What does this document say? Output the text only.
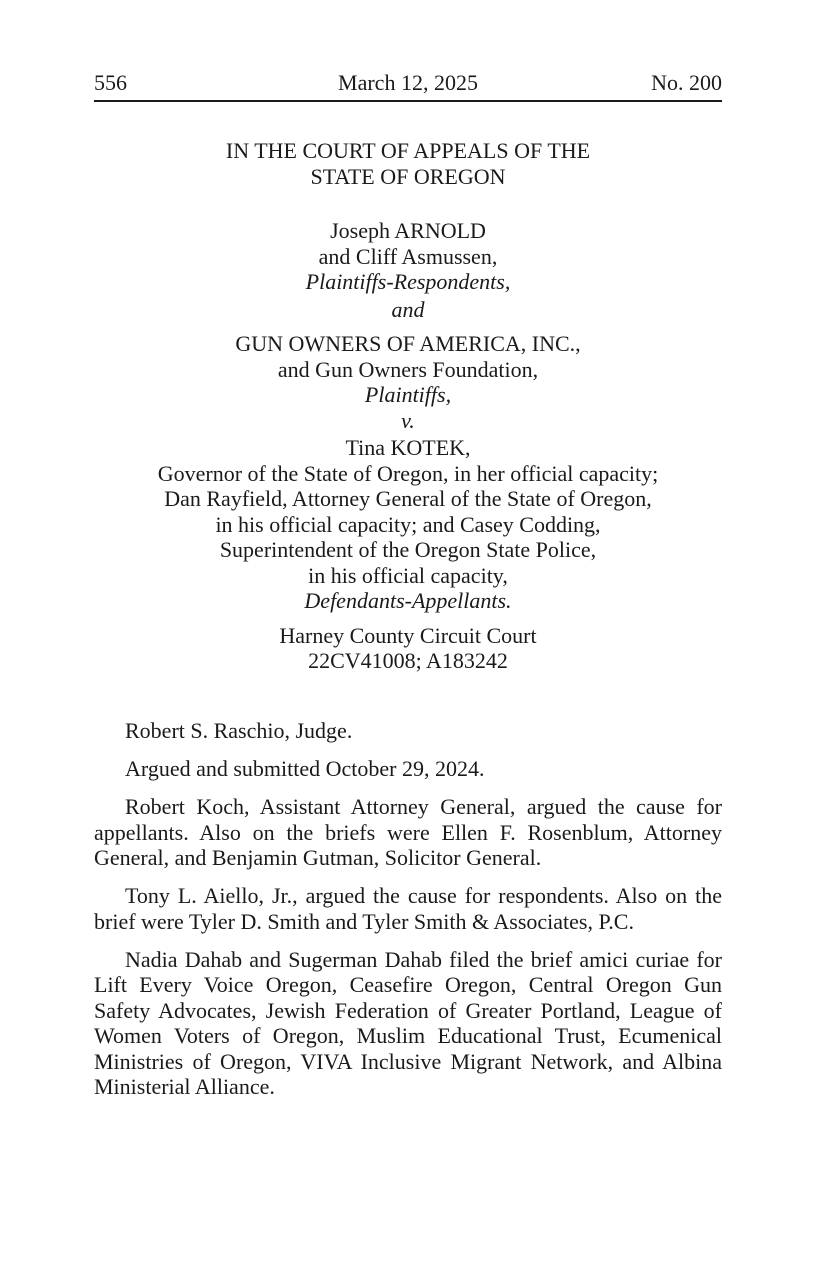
556	March 12, 2025	No. 200
IN THE COURT OF APPEALS OF THE
STATE OF OREGON
Joseph ARNOLD
and Cliff Asmussen,
Plaintiffs-Respondents,
and
GUN OWNERS OF AMERICA, INC.,
and Gun Owners Foundation,
Plaintiffs,
v.
Tina KOTEK,
Governor of the State of Oregon, in her official capacity;
Dan Rayfield, Attorney General of the State of Oregon,
in his official capacity; and Casey Codding,
Superintendent of the Oregon State Police,
in his official capacity,
Defendants-Appellants.
Harney County Circuit Court
22CV41008; A183242

Robert S. Raschio, Judge.

Argued and submitted October 29, 2024.

Robert Koch, Assistant Attorney General, argued the cause for appellants. Also on the briefs were Ellen F. Rosenblum, Attorney General, and Benjamin Gutman, Solicitor General.

Tony L. Aiello, Jr., argued the cause for respondents. Also on the brief were Tyler D. Smith and Tyler Smith & Associates, P.C.

Nadia Dahab and Sugerman Dahab filed the brief amici curiae for Lift Every Voice Oregon, Ceasefire Oregon, Central Oregon Gun Safety Advocates, Jewish Federation of Greater Portland, League of Women Voters of Oregon, Muslim Educational Trust, Ecumenical Ministries of Oregon, VIVA Inclusive Migrant Network, and Albina Ministerial Alliance.
